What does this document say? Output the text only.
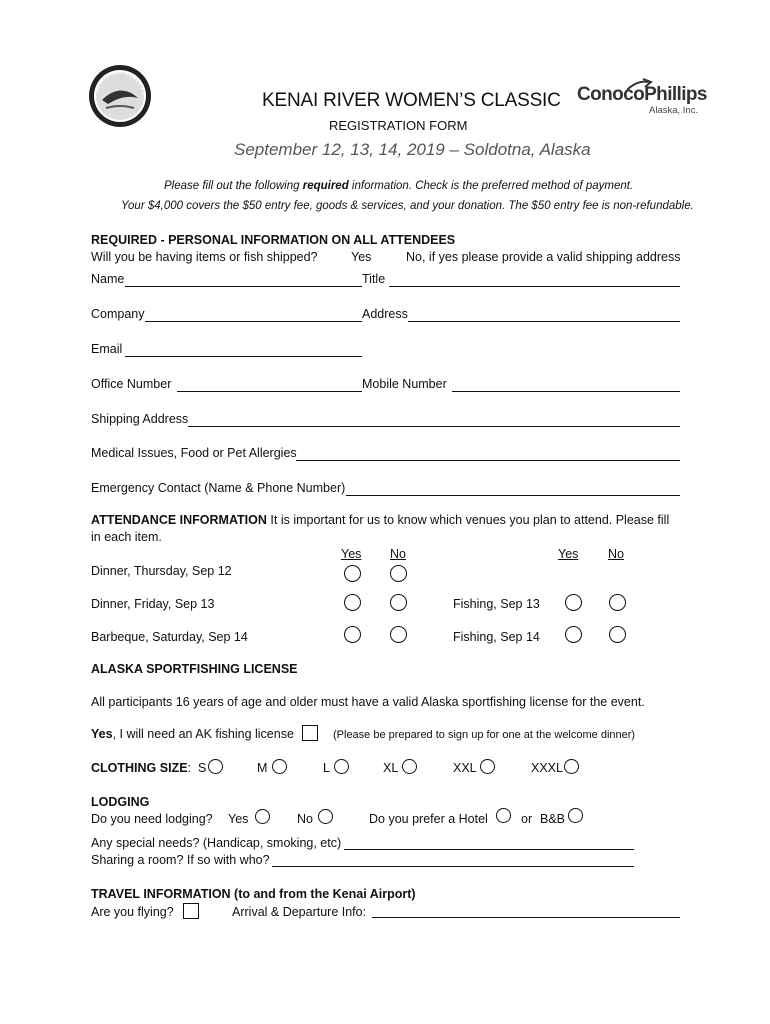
KENAI RIVER WOMEN'S C	KENAI RIVER WOMEN’S CLASSIC
REGISTRATION FORM
September 12, 13, 14, 2019 – Soldotna, Alaska
ConocoPhillips
Alaska, Inc.
Please fill out the following required information. Check is the preferred method of payment.
Your $4,000 covers the $50 entry fee, goods & services, and your donation. The $50 entry fee is non-refundable.
REQUIRED - PERSONAL INFORMATION ON ALL ATTENDEES
Will you be having items or fish shipped?	Yes	No, if yes please provide a valid shipping address
Name	Title
Company	Address
Email
Office Number	Mobile Number
Shipping Address
Medical Issues, Food or Pet Allergies
Emergency Contact (Name & Phone Number)
ATTENDANCE INFORMATION It is important for us to know which venues you plan to attend. Please fill
in each item.
Yes	No	Yes No
Dinner, Thursday, Sep 12
Dinner, Friday, Sep 13	Fishing, Sep 13
Barbeque, Saturday, Sep 14	Fishing, Sep 14
ALASKA SPORTFISHING LICENSE
All participants 16 years of age and older must have a valid Alaska sportfishing license for the event.
Yes, I will need an AK fishing license	(Please be prepared to sign up for one at the welcome dinner)
CLOTHING SIZE: S	M	L	XL	XXL	XXXL
LODGING
Do you need lodging? Yes	No	Do you prefer a Hotel	or B&B
Any special needs? (Handicap, smoking, etc)
Sharing a room? If so with who?
TRAVEL INFORMATION (to and from the Kenai Airport)
Are you flying?	Arrival & Departure Info:
